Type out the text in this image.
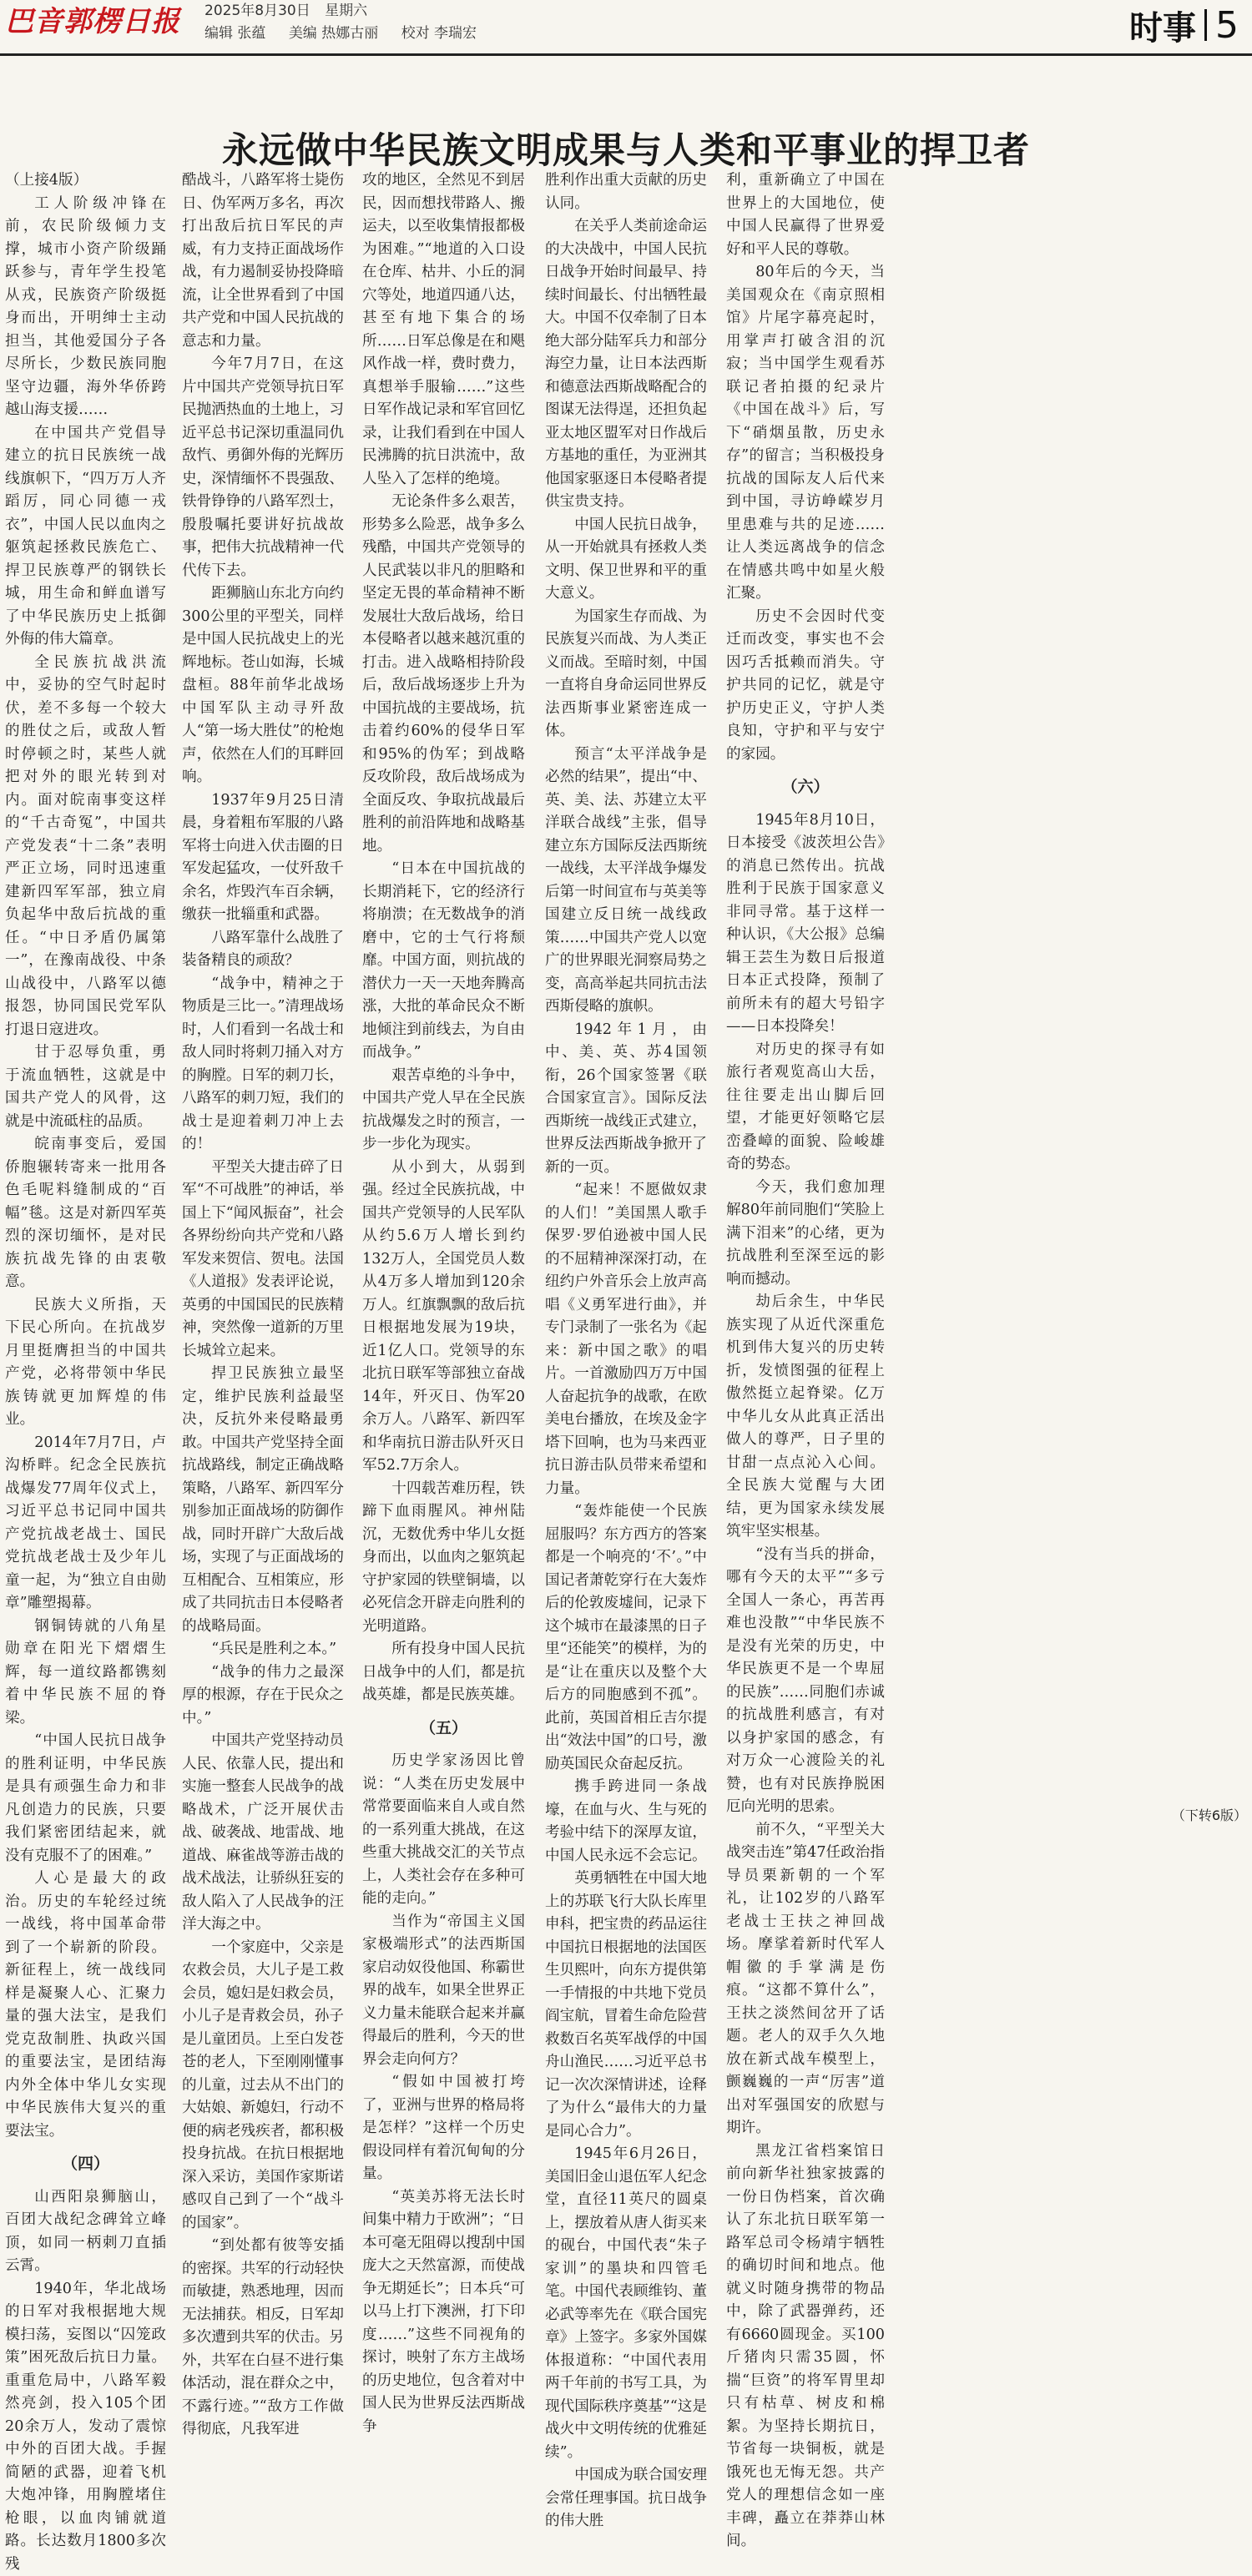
巴音郭楞日报 2025年8月30日 星期六
编辑 张蕴 美编 热娜古丽 校对 李瑞宏	时事 5
永远做中华民族文明成果与人类和平事业的捍卫者

（上接4版）

工人阶级冲锋在前，农民阶级倾力支撑，城市小资产阶级踊跃参与，青年学生投笔从戎，民族资产阶级挺身而出，开明绅士主动担当，其他爱国分子各尽所长，少数民族同胞坚守边疆，海外华侨跨越山海支援……

在中国共产党倡导建立的抗日民族统一战线旗帜下，“四万万人齐蹈厉，同心同德一戎衣”，中国人民以血肉之躯筑起拯救民族危亡、捍卫民族尊严的钢铁长城，用生命和鲜血谱写了中华民族历史上抵御外侮的伟大篇章。

全民族抗战洪流中，妥协的空气时起时伏，差不多每一个较大的胜仗之后，或敌人暂时停顿之时，某些人就把对外的眼光转到对内。面对皖南事变这样的“千古奇冤”，中国共产党发表“十二条”表明严正立场，同时迅速重建新四军军部，独立肩负起华中敌后抗战的重任。“中日矛盾仍属第一”，在豫南战役、中条山战役中，八路军以德报怨，协同国民党军队打退日寇进攻。

甘于忍辱负重，勇于流血牺牲，这就是中国共产党人的风骨，这就是中流砥柱的品质。

皖南事变后，爱国侨胞辗转寄来一批用各色毛呢料缝制成的“百幅”毯。这是对新四军英烈的深切缅怀，是对民族抗战先锋的由衷敬意。

民族大义所指，天下民心所向。在抗战岁月里挺膺担当的中国共产党，必将带领中华民族铸就更加辉煌的伟业。

2014年7月7日，卢沟桥畔。纪念全民族抗战爆发77周年仪式上，习近平总书记同中国共产党抗战老战士、国民党抗战老战士及少年儿童一起，为“独立自由勋章”雕塑揭幕。

钢铜铸就的八角星勋章在阳光下熠熠生辉，每一道纹路都镌刻着中华民族不屈的脊梁。

“中国人民抗日战争的胜利证明，中华民族是具有顽强生命力和非凡创造力的民族，只要我们紧密团结起来，就没有克服不了的困难。”

人心是最大的政治。历史的车轮经过统一战线，将中国革命带到了一个崭新的阶段。新征程上，统一战线同样是凝聚人心、汇聚力量的强大法宝，是我们党克敌制胜、执政兴国的重要法宝，是团结海内外全体中华儿女实现中华民族伟大复兴的重要法宝。

（四）

山西阳泉狮脑山，百团大战纪念碑耸立峰顶，如同一柄刺刀直插云霄。

1940年，华北战场的日军对我根据地大规模扫荡，妄图以“囚笼政策”困死敌后抗日力量。重重危局中，八路军毅然亮剑，投入105个团20余万人，发动了震惊中外的百团大战。手握简陋的武器，迎着飞机大炮冲锋，用胸膛堵住枪眼，以血肉铺就道路。长达数月1800多次残

酷战斗，八路军将士毙伤日、伪军两万多名，再次打出敌后抗日军民的声威，有力支持正面战场作战，有力遏制妥协投降暗流，让全世界看到了中国共产党和中国人民抗战的意志和力量。

今年7月7日，在这片中国共产党领导抗日军民抛洒热血的土地上，习近平总书记深切重温同仇敌忾、勇御外侮的光辉历史，深情缅怀不畏强敌、铁骨铮铮的八路军烈士，殷殷嘱托要讲好抗战故事，把伟大抗战精神一代代传下去。

距狮脑山东北方向约300公里的平型关，同样是中国人民抗战史上的光辉地标。苍山如海，长城盘桓。88年前华北战场中国军队主动寻歼敌人“第一场大胜仗”的枪炮声，依然在人们的耳畔回响。

1937年9月25日清晨，身着粗布军服的八路军将士向进入伏击圈的日军发起猛攻，一仗歼敌千余名，炸毁汽车百余辆，缴获一批辎重和武器。

八路军靠什么战胜了装备精良的顽敌？

“战争中，精神之于物质是三比一。”清理战场时，人们看到一名战士和敌人同时将刺刀捅入对方的胸膛。日军的刺刀长，八路军的刺刀短，我们的战士是迎着刺刀冲上去的！

平型关大捷击碎了日军“不可战胜”的神话，举国上下“闻风振奋”，社会各界纷纷向共产党和八路军发来贺信、贺电。法国《人道报》发表评论说，英勇的中国国民的民族精神，突然像一道新的万里长城耸立起来。

捍卫民族独立最坚定，维护民族利益最坚决，反抗外来侵略最勇敢。中国共产党坚持全面抗战路线，制定正确战略策略，八路军、新四军分别参加正面战场的防御作战，同时开辟广大敌后战场，实现了与正面战场的互相配合、互相策应，形成了共同抗击日本侵略者的战略局面。

“兵民是胜利之本。”

“战争的伟力之最深厚的根源，存在于民众之中。”

中国共产党坚持动员人民、依靠人民，提出和实施一整套人民战争的战略战术，广泛开展伏击战、破袭战、地雷战、地道战、麻雀战等游击战的战术战法，让骄纵狂妄的敌人陷入了人民战争的汪洋大海之中。

一个家庭中，父亲是农救会员，大儿子是工救会员，媳妇是妇救会员，小儿子是青救会员，孙子是儿童团员。上至白发苍苍的老人，下至刚刚懂事的儿童，过去从不出门的大姑娘、新媳妇，行动不便的病老残疾者，都积极投身抗战。在抗日根据地深入采访，美国作家斯诺感叹自己到了一个“战斗的国家”。

“到处都有彼等安插的密探。共军的行动轻快而敏捷，熟悉地理，因而无法捕获。相反，日军却多次遭到共军的伏击。另外，共军在白昼不进行集体活动，混在群众之中，不露行迹。”“敌方工作做得彻底，凡我军进

攻的地区，全然见不到居民，因而想找带路人、搬运夫，以至收集情报都极为困难。”“地道的入口设在仓库、枯井、小丘的洞穴等处，地道四通八达，甚至有地下集合的场所……日军总像是在和飓风作战一样，费时费力，真想举手服输……”这些日军作战记录和军官回忆录，让我们看到在中国人民沸腾的抗日洪流中，敌人坠入了怎样的绝境。

无论条件多么艰苦，形势多么险恶，战争多么残酷，中国共产党领导的人民武装以非凡的胆略和坚定无畏的革命精神不断发展壮大敌后战场，给日本侵略者以越来越沉重的打击。进入战略相持阶段后，敌后战场逐步上升为中国抗战的主要战场，抗击着约60%的侵华日军和95%的伪军；到战略反攻阶段，敌后战场成为全面反攻、争取抗战最后胜利的前沿阵地和战略基地。

“日本在中国抗战的长期消耗下，它的经济行将崩溃；在无数战争的消磨中，它的士气行将颓靡。中国方面，则抗战的潜伏力一天一天地奔腾高涨，大批的革命民众不断地倾注到前线去，为自由而战争。”

艰苦卓绝的斗争中，中国共产党人早在全民族抗战爆发之时的预言，一步一步化为现实。

从小到大，从弱到强。经过全民族抗战，中国共产党领导的人民军队从约5.6万人增长到约132万人，全国党员人数从4万多人增加到120余万人。红旗飘飘的敌后抗日根据地发展为19块，近1亿人口。党领导的东北抗日联军等部独立奋战14年，歼灭日、伪军20余万人。八路军、新四军和华南抗日游击队歼灭日军52.7万余人。

十四载苦难历程，铁蹄下血雨腥风。神州陆沉，无数优秀中华儿女挺身而出，以血肉之躯筑起守护家园的铁壁铜墙，以必死信念开辟走向胜利的光明道路。

所有投身中国人民抗日战争中的人们，都是抗战英雄，都是民族英雄。

（五）

历史学家汤因比曾说：“人类在历史发展中常常要面临来自人或自然的一系列重大挑战，在这些重大挑战交汇的关节点上，人类社会存在多种可能的走向。”

当作为“帝国主义国家极端形式”的法西斯国家启动奴役他国、称霸世界的战车，如果全世界正义力量未能联合起来并赢得最后的胜利，今天的世界会走向何方？

“假如中国被打垮了，亚洲与世界的格局将是怎样？”这样一个历史假设同样有着沉甸甸的分量。

“英美苏将无法长时间集中精力于欧洲”；“日本可毫无阻碍以搜刮中国庞大之天然富源，而使战争无期延长”；日本兵“可以马上打下澳洲，打下印度……”这些不同视角的探讨，映射了东方主战场的历史地位，包含着对中国人民为世界反法西斯战争

胜利作出重大贡献的历史认同。

在关乎人类前途命运的大决战中，中国人民抗日战争开始时间最早、持续时间最长、付出牺牲最大。中国不仅牵制了日本绝大部分陆军兵力和部分海空力量，让日本法西斯和德意法西斯战略配合的图谋无法得逞，还担负起亚太地区盟军对日作战后方基地的重任，为亚洲其他国家驱逐日本侵略者提供宝贵支持。

中国人民抗日战争，从一开始就具有拯救人类文明、保卫世界和平的重大意义。

为国家生存而战、为民族复兴而战、为人类正义而战。至暗时刻，中国一直将自身命运同世界反法西斯事业紧密连成一体。

预言“太平洋战争是必然的结果”，提出“中、英、美、法、苏建立太平洋联合战线”主张，倡导建立东方国际反法西斯统一战线，太平洋战争爆发后第一时间宣布与英美等国建立反日统一战线政策……中国共产党人以宽广的世界眼光洞察局势之变，高高举起共同抗击法西斯侵略的旗帜。

1942年1月，由中、美、英、苏4国领衔，26个国家签署《联合国家宣言》。国际反法西斯统一战线正式建立，世界反法西斯战争掀开了新的一页。

“起来！不愿做奴隶的人们！”美国黑人歌手保罗·罗伯逊被中国人民的不屈精神深深打动，在纽约户外音乐会上放声高唱《义勇军进行曲》，并专门录制了一张名为《起来：新中国之歌》的唱片。一首激励四万万中国人奋起抗争的战歌，在欧美电台播放，在埃及金字塔下回响，也为马来西亚抗日游击队员带来希望和力量。

“轰炸能使一个民族屈服吗？东方西方的答案都是一个响亮的‘不’。”中国记者萧乾穿行在大轰炸后的伦敦废墟间，记录下这个城市在最漆黑的日子里“还能笑”的模样，为的是“让在重庆以及整个大后方的同胞感到不孤”。此前，英国首相丘吉尔提出“效法中国”的口号，激励英国民众奋起反抗。

携手跨进同一条战壕，在血与火、生与死的考验中结下的深厚友谊，中国人民永远不会忘记。

英勇牺牲在中国大地上的苏联飞行大队长库里申科，把宝贵的药品运往中国抗日根据地的法国医生贝熙叶，向东方提供第一手情报的中共地下党员阎宝航，冒着生命危险营救数百名英军战俘的中国舟山渔民……习近平总书记一次次深情讲述，诠释了为什么“最伟大的力量是同心合力”。

1945年6月26日，美国旧金山退伍军人纪念堂，直径11英尺的圆桌上，摆放着从唐人街买来的砚台，中国代表“朱子家训”的墨块和四管毛笔。中国代表顾维钧、董必武等率先在《联合国宪章》上签字。多家外国媒体报道称：“中国代表用两千年前的书写工具，为现代国际秩序奠基”“这是战火中文明传统的优雅延续”。

中国成为联合国安理会常任理事国。抗日战争的伟大胜

利，重新确立了中国在世界上的大国地位，使中国人民赢得了世界爱好和平人民的尊敬。

80年后的今天，当美国观众在《南京照相馆》片尾字幕亮起时，用掌声打破含泪的沉寂；当中国学生观看苏联记者拍摄的纪录片《中国在战斗》后，写下“硝烟虽散，历史永存”的留言；当积极投身抗战的国际友人后代来到中国，寻访峥嵘岁月里患难与共的足迹……让人类远离战争的信念在情感共鸣中如星火般汇聚。

历史不会因时代变迁而改变，事实也不会因巧舌抵赖而消失。守护共同的记忆，就是守护历史正义，守护人类良知，守护和平与安宁的家园。

（六）

1945年8月10日，日本接受《波茨坦公告》的消息已然传出。抗战胜利于民族于国家意义非同寻常。基于这样一种认识，《大公报》总编辑王芸生为数日后报道日本正式投降，预制了前所未有的超大号铅字——日本投降矣！

对历史的探寻有如旅行者观览高山大岳，往往要走出山脚后回望，才能更好领略它层峦叠嶂的面貌、险峻雄奇的势态。

今天，我们愈加理解80年前同胞们“笑脸上满下泪来”的心绪，更为抗战胜利至深至远的影响而撼动。

劫后余生，中华民族实现了从近代深重危机到伟大复兴的历史转折，发愤图强的征程上傲然挺立起脊梁。亿万中华儿女从此真正活出做人的尊严，日子里的甘甜一点点沁入心间。全民族大觉醒与大团结，更为国家永续发展筑牢坚实根基。

“没有当兵的拼命，哪有今天的太平”“多亏全国人一条心，再苦再难也没散”“中华民族不是没有光荣的历史，中华民族更不是一个卑屈的民族”……同胞们赤诚的抗战胜利感言，有对以身护家国的感念，有对万众一心渡险关的礼赞，也有对民族挣脱困厄向光明的思索。

前不久，“平型关大战突击连”第47任政治指导员栗新朝的一个军礼，让102岁的八路军老战士王扶之神回战场。摩挲着新时代军人帽徽的手掌满是伤痕。“这都不算什么”，王扶之淡然间岔开了话题。老人的双手久久地放在新式战车模型上，颤巍巍的一声“厉害”道出对军强国安的欣慰与期许。

黑龙江省档案馆日前向新华社独家披露的一份日伪档案，首次确认了东北抗日联军第一路军总司令杨靖宇牺牲的确切时间和地点。他就义时随身携带的物品中，除了武器弹药，还有6660圆现金。买100斤猪肉只需35圆，怀揣“巨资”的将军胃里却只有枯草、树皮和棉絮。为坚持长期抗日，节省每一块铜板，就是饿死也无悔无怨。共产党人的理想信念如一座丰碑，矗立在莽莽山林间。

（下转6版）
